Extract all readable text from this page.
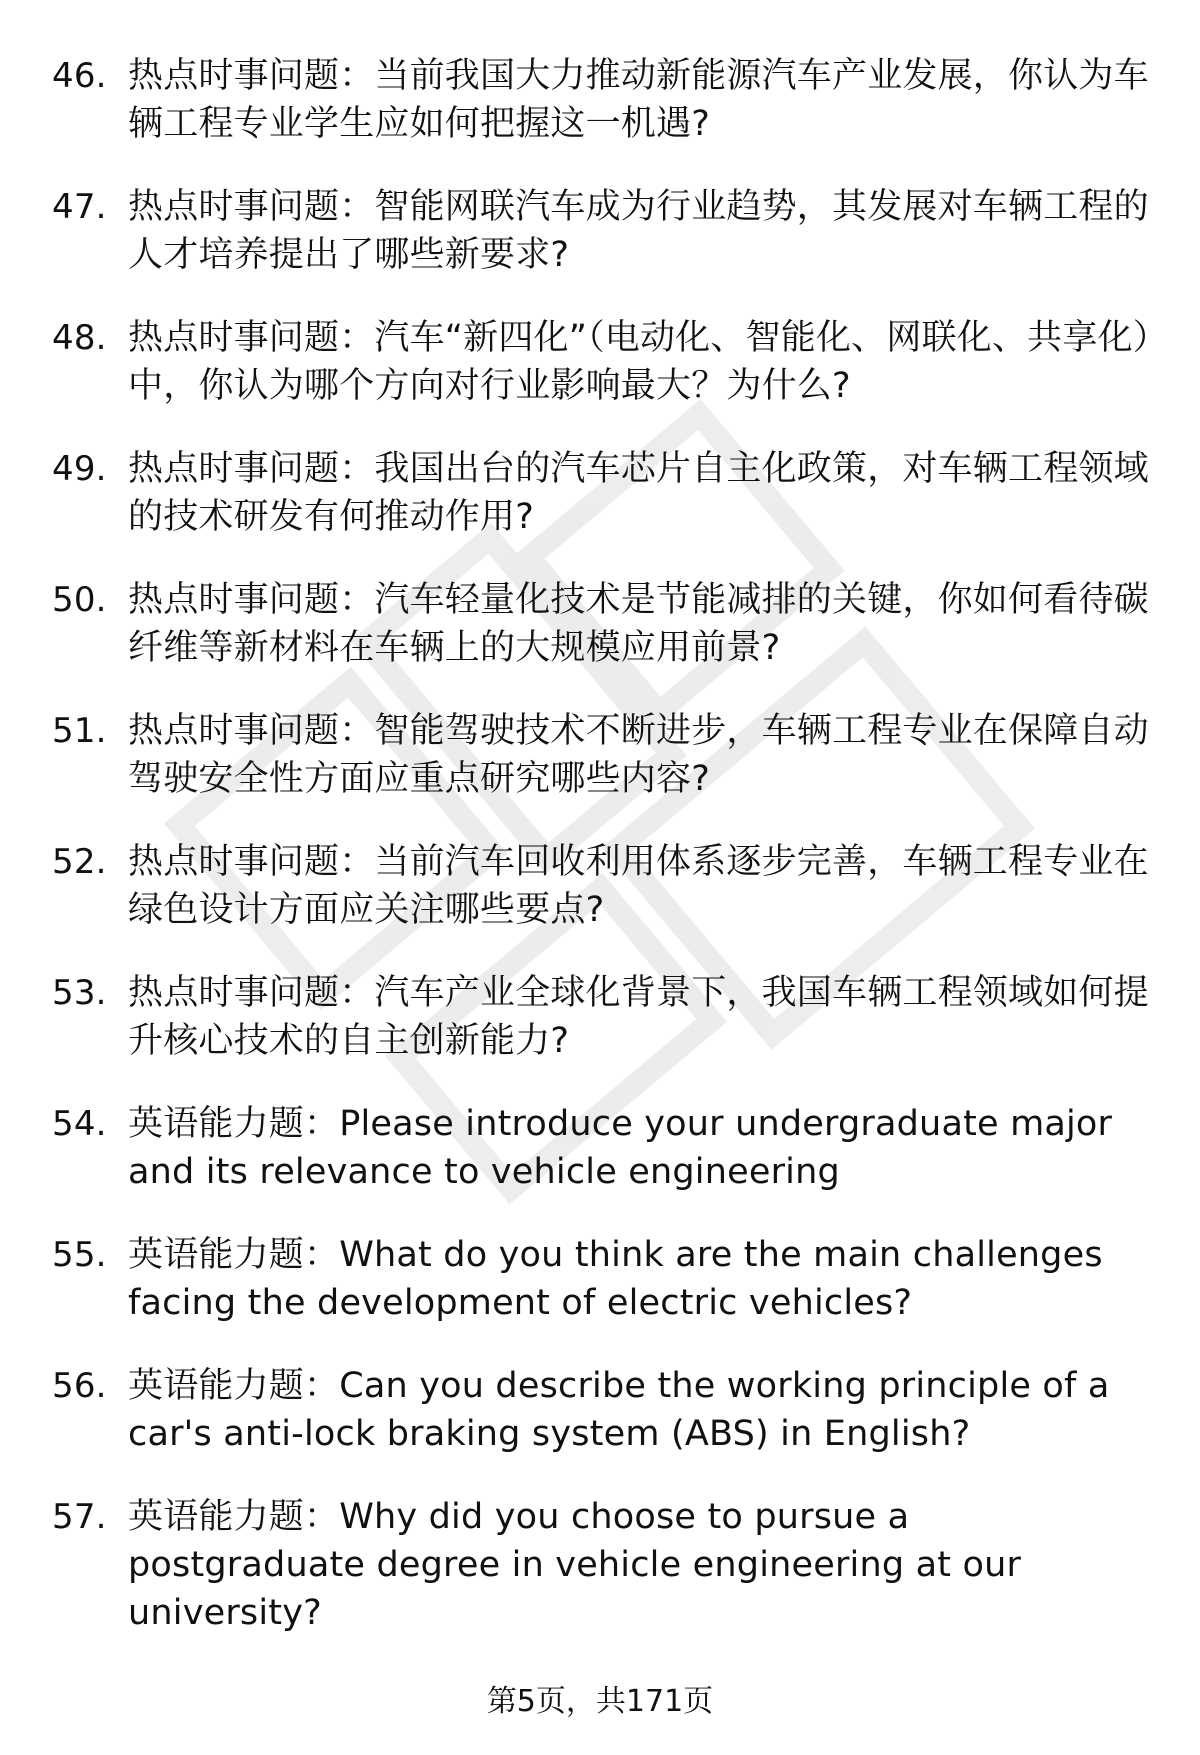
46. 热点时事问题：当前我国大力推动新能源汽车产业发展，你认为车辆工程专业学生应如何把握这一机遇?
47. 热点时事问题：智能网联汽车成为行业趋势，其发展对车辆工程的人才培养提出了哪些新要求?
48. 热点时事问题：汽车“新四化”（电动化、智能化、网联化、共享化）中，你认为哪个方向对行业影响最大？为什么?
49. 热点时事问题：我国出台的汽车芯片自主化政策，对车辆工程领域的技术研发有何推动作用?
50. 热点时事问题：汽车轻量化技术是节能减排的关键，你如何看待碳纤维等新材料在车辆上的大规模应用前景?
51. 热点时事问题：智能驾驶技术不断进步，车辆工程专业在保障自动驾驶安全性方面应重点研究哪些内容?
52. 热点时事问题：当前汽车回收利用体系逐步完善，车辆工程专业在绿色设计方面应关注哪些要点?
53. 热点时事问题：汽车产业全球化背景下，我国车辆工程领域如何提升核心技术的自主创新能力?
54. 英语能力题：Please introduce your undergraduate major and its relevance to vehicle engineering
55. 英语能力题：What do you think are the main challenges facing the development of electric vehicles?
56. 英语能力题：Can you describe the working principle of a car's anti-lock braking system (ABS) in English?
57. 英语能力题：Why did you choose to pursue a postgraduate degree in vehicle engineering at our university?
第5页，共171页
